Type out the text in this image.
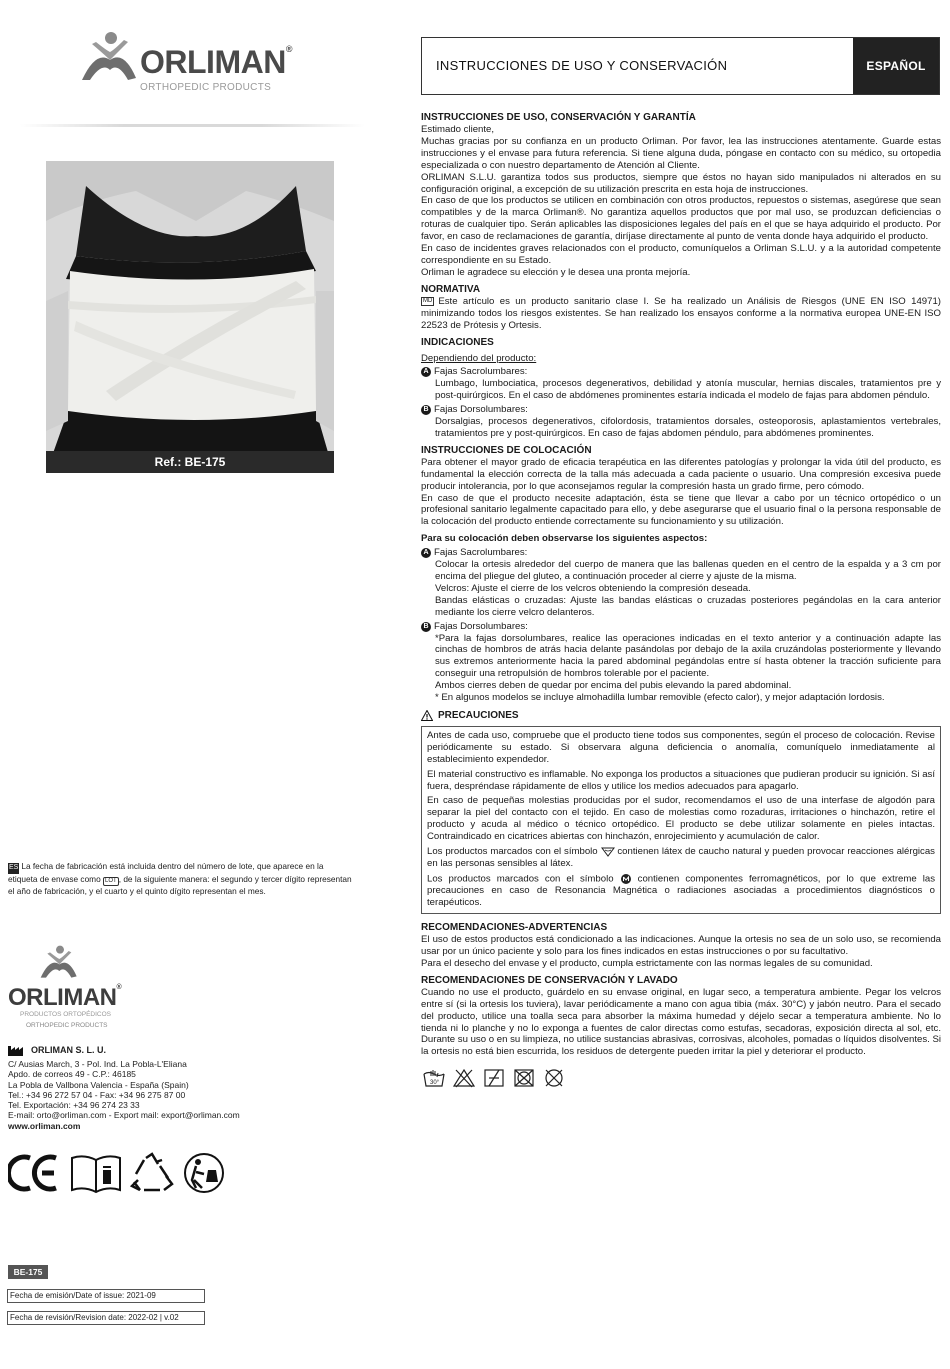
ORLIMAN®
ORTHOPEDIC PRODUCTS
Ref.: BE-175
ES La fecha de fabricación está incluida dentro del número de lote, que aparece en la etiqueta de envase como LOT , de la siguiente manera: el segundo y tercer dígito representan el año de fabricación, y el cuarto y el quinto dígito representan el mes.
ORLIMAN®
PRODUCTOS ORTOPÉDICOS
ORTHOPEDIC PRODUCTS
ORLIMAN S. L. U.
C/ Ausias March, 3 - Pol. Ind. La Pobla-L'Eliana
Apdo. de correos 49 - C.P.: 46185
La Pobla de Vallbona Valencia - España (Spain)
Tel.: +34 96 272 57 04 - Fax: +34 96 275 87 00
Tel. Exportación: +34 96 274 23 33
E-mail: orto@orliman.com - Export mail: export@orliman.com
www.orliman.com
BE-175
Fecha de emisión/Date of issue: 2021-09
Fecha de revisión/Revision date: 2022-02 | v.02
INSTRUCCIONES DE USO Y CONSERVACIÓN	ESPAÑOL
INSTRUCCIONES DE USO, CONSERVACIÓN Y GARANTÍA

Estimado cliente,

Muchas gracias por su confianza en un producto Orliman. Por favor, lea las instrucciones atentamente. Guarde estas instrucciones y el envase para futura referencia. Si tiene alguna duda, póngase en contacto con su médico, su ortopedia especializada o con nuestro departamento de Atención al Cliente.

ORLIMAN S.L.U. garantiza todos sus productos, siempre que éstos no hayan sido manipulados ni alterados en su configuración original, a excepción de su utilización prescrita en esta hoja de instrucciones.

En caso de que los productos se utilicen en combinación con otros productos, repuestos o sistemas, asegúrese que sean compatibles y de la marca Orliman®. No garantiza aquellos productos que por mal uso, se produzcan deficiencias o roturas de cualquier tipo. Serán aplicables las disposiciones legales del país en el que se haya adquirido el producto. Por favor, en caso de reclamaciones de garantía, diríjase directamente al punto de venta donde haya adquirido el producto.

En caso de incidentes graves relacionados con el producto, comuníquelos a Orliman S.L.U. y a la autoridad competente correspondiente en su Estado.

Orliman le agradece su elección y le desea una pronta mejoría.

NORMATIVA

MD Este artículo es un producto sanitario clase I. Se ha realizado un Análisis de Riesgos (UNE EN ISO 14971) minimizando todos los riesgos existentes. Se han realizado los ensayos conforme a la normativa europea UNE-EN ISO 22523 de Prótesis y Ortesis.

INDICACIONES

Dependiendo del producto:

A Fajas Sacrolumbares:

Lumbago, lumbociatica, procesos degenerativos, debilidad y atonía muscular, hernias discales, tratamientos pre y post-quirúrgicos. En el caso de abdómenes prominentes estaría indicada el modelo de fajas para abdomen péndulo.

B Fajas Dorsolumbares:

Dorsalgias, procesos degenerativos, cifolordosis, tratamientos dorsales, osteoporosis, aplastamientos vertebrales, tratamientos pre y post-quirúrgicos. En caso de fajas abdomen péndulo, para abdómenes prominentes.

INSTRUCCIONES DE COLOCACIÓN

Para obtener el mayor grado de eficacia terapéutica en las diferentes patologías y prolongar la vida útil del producto, es fundamental la elección correcta de la talla más adecuada a cada paciente o usuario. Una compresión excesiva puede producir intolerancia, por lo que aconsejamos regular la compresión hasta un grado firme, pero cómodo.

En caso de que el producto necesite adaptación, ésta se tiene que llevar a cabo por un técnico ortopédico o un profesional sanitario legalmente capacitado para ello, y debe asegurarse que el usuario final o la persona responsable de la colocación del producto entiende correctamente su funcionamiento y su utilización.

Para su colocación deben observarse los siguientes aspectos:

A Fajas Sacrolumbares:

Colocar la ortesis alrededor del cuerpo de manera que las ballenas queden en el centro de la espalda y a 3 cm por encima del pliegue del gluteo, a continuación proceder al cierre y ajuste de la misma.

Velcros: Ajuste el cierre de los velcros obteniendo la compresión deseada.

Bandas elásticas o cruzadas: Ajuste las bandas elásticas o cruzadas posteriores pegándolas en la cara anterior mediante los cierre velcro delanteros.

B Fajas Dorsolumbares:

*Para la fajas dorsolumbares, realice las operaciones indicadas en el texto anterior y a continuación adapte las cinchas de hombros de atrás hacia delante pasándolas por debajo de la axila cruzándolas posteriormente y llevando sus extremos anteriormente hacia la pared abdominal pegándolas entre sí hasta obtener la tracción suficiente para conseguir una retropulsión de hombros tolerable por el paciente.

Ambos cierres deben de quedar por encima del pubis elevando la pared abdominal.

* En algunos modelos se incluye almohadilla lumbar removible (efecto calor), y mejor adaptación lordosis.

PRECAUCIONES

Antes de cada uso, compruebe que el producto tiene todos sus componentes, según el proceso de colocación. Revise periódicamente su estado. Si observara alguna deficiencia o anomalía, comuníquelo inmediatamente al establecimiento expendedor.

El material constructivo es inflamable. No exponga los productos a situaciones que pudieran producir su ignición. Si así fuera, despréndase rápidamente de ellos y utilice los medios adecuados para apagarlo.

En caso de pequeñas molestias producidas por el sudor, recomendamos el uso de una interfase de algodón para separar la piel del contacto con el tejido. En caso de molestias como rozaduras, irritaciones o hinchazón, retire el producto y acuda al médico o técnico ortopédico. El producto se debe utilizar solamente en pieles intactas. Contraindicado en cicatrices abiertas con hinchazón, enrojecimiento y acumulación de calor.

Los productos marcados con el símbolo contienen látex de caucho natural y pueden provocar reacciones alérgicas en las personas sensibles al látex.

Los productos marcados con el símbolo	contienen componentes ferromagnéticos, por lo que extreme las precauciones en caso de Resonancia Magnética o radiaciones asociadas a procedimientos diagnósticos o terapéuticos.

RECOMENDACIONES-ADVERTENCIAS

El uso de estos productos está condicionado a las indicaciones. Aunque la ortesis no sea de un solo uso, se recomienda usar por un único paciente y solo para los fines indicados en estas instrucciones o por su facultativo.

Para el desecho del envase y el producto, cumpla estrictamente con las normas legales de su comunidad.

RECOMENDACIONES DE CONSERVACIÓN Y LAVADO

Cuando no use el producto, guárdelo en su envase original, en lugar seco, a temperatura ambiente. Pegar los velcros entre sí (si la ortesis los tuviera), lavar periódicamente a mano con agua tibia (máx. 30°C) y jabón neutro. Para el secado del producto, utilice una toalla seca para absorber la máxima humedad y déjelo secar a temperatura ambiente. No lo tienda ni lo planche y no lo exponga a fuentes de calor directas como estufas, secadoras, exposición directa al sol, etc. Durante su uso o en su limpieza, no utilice sustancias abrasivas, corrosivas, alcoholes, pomadas o líquidos disolventes. Si la ortesis no está bien escurrida, los residuos de detergente pueden irritar la piel y deteriorar el producto.

30°
